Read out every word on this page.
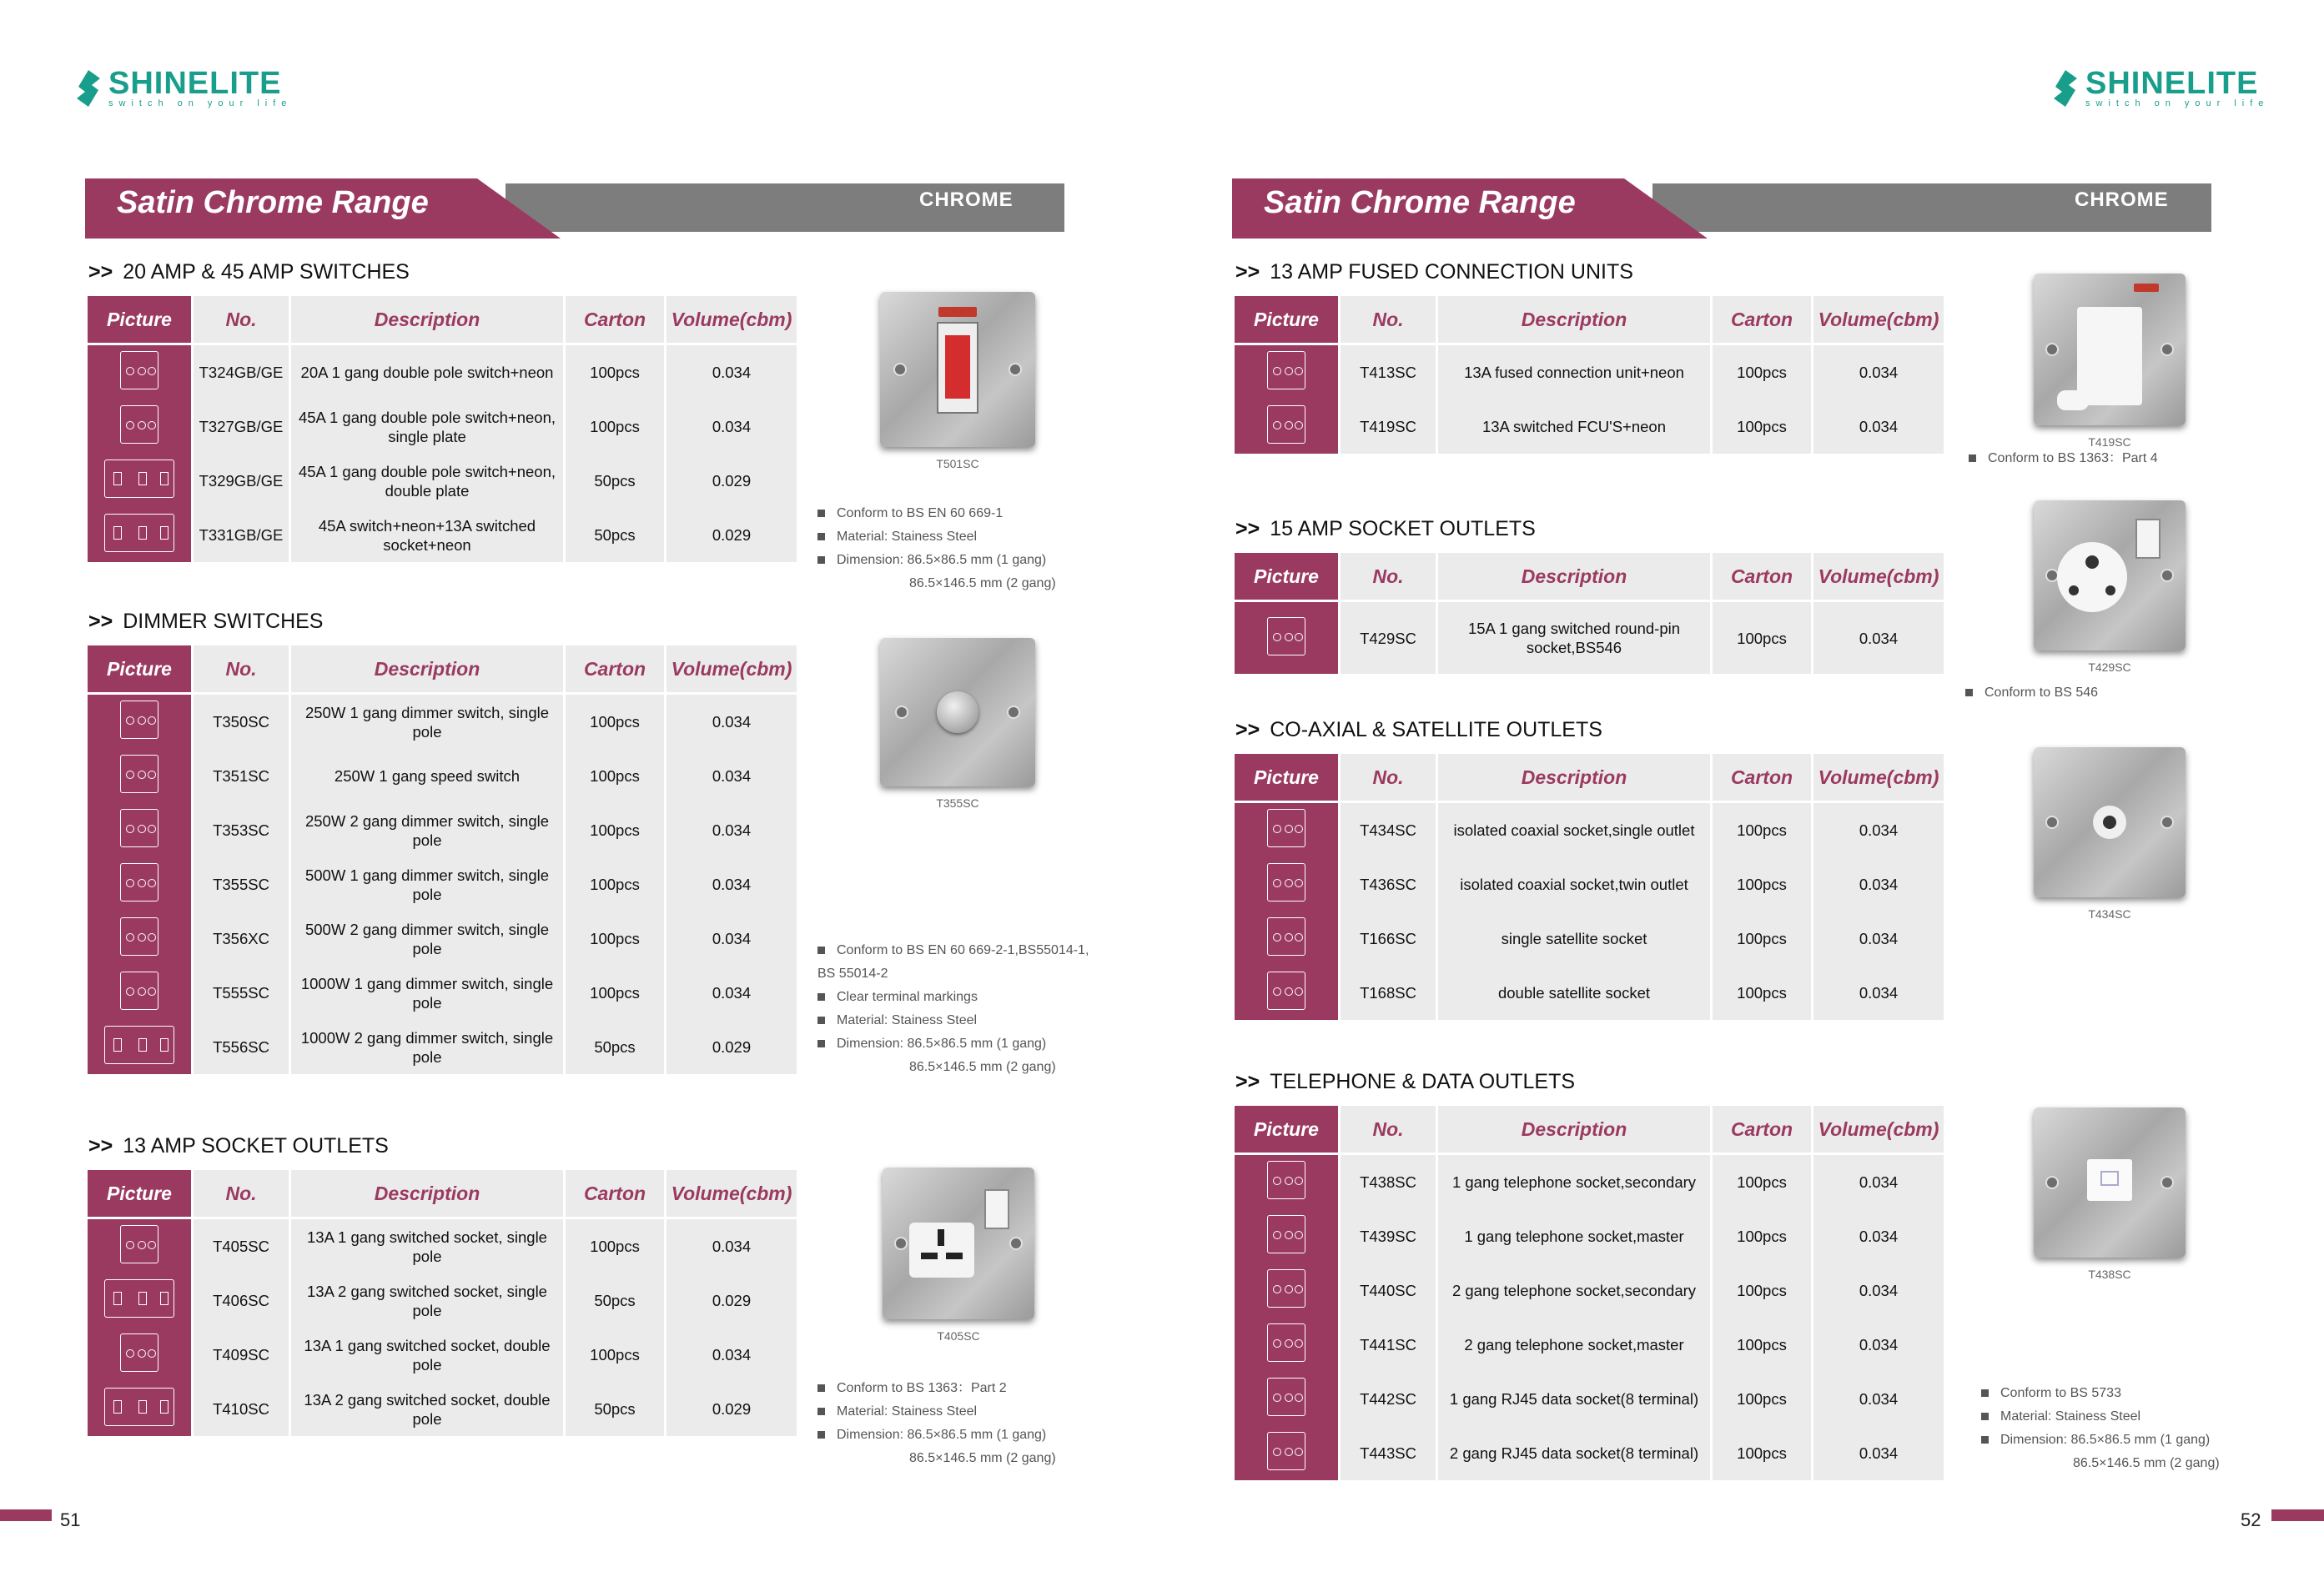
SHINELITE
switch on your life
SHINELITE
switch on your life
Satin Chrome Range	CHROME	Satin Chrome Range	CHROME
>> 20 AMP & 45 AMP SWITCHES
Picture	No.	Description	Carton	Volume(cbm)

	T324GB/GE	20A 1 gang double pole switch+neon	100pcs	0.034

	T327GB/GE	45A 1 gang double pole switch+neon, single plate	100pcs	0.034

	T329GB/GE	45A 1 gang double pole switch+neon, double plate	50pcs	0.029

	T331GB/GE	45A switch+neon+13A switched socket+neon	50pcs	0.029
>> DIMMER SWITCHES
Picture	No.	Description	Carton	Volume(cbm)

	T350SC	250W 1 gang dimmer switch, single pole	100pcs	0.034

	T351SC	250W 1 gang speed switch	100pcs	0.034

	T353SC	250W 2 gang dimmer switch, single pole	100pcs	0.034

	T355SC	500W 1 gang dimmer switch, single pole	100pcs	0.034

	T356XC	500W 2 gang dimmer switch, single pole	100pcs	0.034

	T555SC	1000W 1 gang dimmer switch, single pole	100pcs	0.034

	T556SC	1000W 2 gang dimmer switch, single pole	50pcs	0.029
>> 13 AMP SOCKET OUTLETS
Picture	No.	Description	Carton	Volume(cbm)

	T405SC	13A 1 gang switched socket, single pole	100pcs	0.034

	T406SC	13A 2 gang switched socket, single pole	50pcs	0.029

	T409SC	13A 1 gang switched socket, double pole	100pcs	0.034

	T410SC	13A 2 gang switched socket, double pole	50pcs	0.029
T501SC
Conform to BS EN 60 669-1
Material: Stainess Steel
Dimension: 86.5×86.5 mm (1 gang)
86.5×146.5 mm (2 gang)
T355SC
Conform to BS EN 60 669-2-1,BS55014-1,
BS 55014-2
Clear terminal markings
Material: Stainess Steel
Dimension: 86.5×86.5 mm (1 gang)
86.5×146.5 mm (2 gang)
T405SC
Conform to BS 1363：Part 2
Material: Stainess Steel
Dimension: 86.5×86.5 mm (1 gang)
86.5×146.5 mm (2 gang)
51
>> 13 AMP FUSED CONNECTION UNITS
Picture	No.	Description	Carton	Volume(cbm)

	T413SC	13A fused connection unit+neon	100pcs	0.034

	T419SC	13A switched FCU'S+neon	100pcs	0.034
>> 15 AMP SOCKET OUTLETS
Picture	No.	Description	Carton	Volume(cbm)

	T429SC	15A 1 gang switched round-pin socket,BS546	100pcs	0.034
>> CO-AXIAL & SATELLITE OUTLETS
Picture	No.	Description	Carton	Volume(cbm)

	T434SC	isolated coaxial socket,single outlet	100pcs	0.034

	T436SC	isolated coaxial socket,twin outlet	100pcs	0.034

	T166SC	single satellite socket	100pcs	0.034

	T168SC	double satellite socket	100pcs	0.034
>> TELEPHONE & DATA OUTLETS
Picture	No.	Description	Carton	Volume(cbm)

	T438SC	1 gang telephone socket,secondary	100pcs	0.034

	T439SC	1 gang telephone socket,master	100pcs	0.034

	T440SC	2 gang telephone socket,secondary	100pcs	0.034

	T441SC	2 gang telephone socket,master	100pcs	0.034

	T442SC	1 gang RJ45 data socket(8 terminal)	100pcs	0.034

	T443SC	2 gang RJ45 data socket(8 terminal)	100pcs	0.034
T419SC
Conform to BS 1363：Part 4
T429SC
Conform to BS 546
T434SC
T438SC
Conform to BS 5733
Material: Stainess Steel
Dimension: 86.5×86.5 mm (1 gang)
86.5×146.5 mm (2 gang)
52
